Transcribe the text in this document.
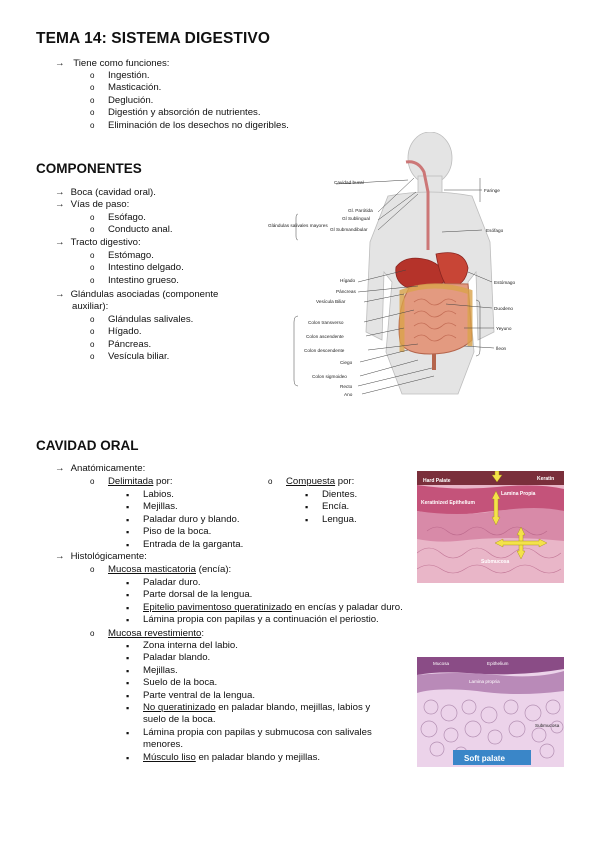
TEMA 14: SISTEMA DIGESTIVO
→ Tiene como funciones:
o Ingestión.
o Masticación.
o Deglución.
o Digestión y absorción de nutrientes.
o Eliminación de los desechos no digeribles.
COMPONENTES
→ Boca (cavidad oral).
→ Vías de paso:
o Esófago.
o Conducto anal.
→ Tracto digestivo:
o Estómago.
o Intestino delgado.
o Intestino grueso.
→ Glándulas asociadas (componente
auxiliar):
o Glándulas salivales.
o Hígado.
o Páncreas.
o Vesícula biliar.
Cavidad bucal
Faringe
Gl. Parótida
Gl Sublingual
Glándulas salivales mayores
Gl Submandibular	Esófago
Hígado	Estómago
Páncreas
Vesícula Biliar
Duodeno
Colon transverso
Yeyuno
Colon ascendente
Colon descendente	Íleon
Ciego
Colon sigmoideo
Recto
Ano
CAVIDAD ORAL
→ Anatómicamente:
o Delimitada por:
▪ Labios.
▪ Mejillas.
▪ Paladar duro y blando.
▪ Piso de la boca.
▪ Entrada de la garganta.
o Compuesta por:
▪ Dientes.
▪ Encía.
▪ Lengua.
→ Histológicamente:
o Mucosa masticatoria (encía):
▪ Paladar duro.
▪ Parte dorsal de la lengua.
▪ Epitelio pavimentoso queratinizado en encías y paladar duro.
▪ Lámina propia con papilas y a continuación el periostio.
o Mucosa revestimiento:
▪ Zona interna del labio.
▪ Paladar blando.
▪ Mejillas.
▪ Suelo de la boca.
▪ Parte ventral de la lengua.
▪ No queratinizado en paladar blando, mejillas, labios y
suelo de la boca.
▪ Lámina propia con papilas y submucosa con salivales
menores.
▪ Músculo liso en paladar blando y mejillas.
Hard Palate	Keratin
Lamina Propia
Keratinized Epithelium
Submucosa
Mucosa	Epithelium
Lamina propria
Submucosa
Soft palate
